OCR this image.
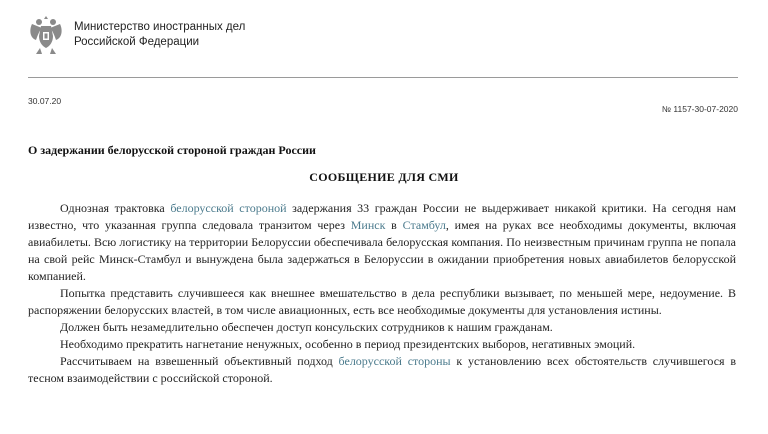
Министерство иностранных дел
Российской Федерации
30.07.20
№ 1157-30-07-2020
О задержании белорусской стороной граждан России
СООБЩЕНИЕ ДЛЯ СМИ

Однозная трактовка белорусской стороной задержания 33 граждан России не выдерживает никакой критики. На сегодня нам известно, что указанная группа следовала транзитом через Минск в Стамбул, имея на руках все необходимы документы, включая авиабилеты. Всю логистику на территории Белоруссии обеспечивала белорусская компания. По неизвестным причинам группа не попала на свой рейс Минск-Стамбул и вынуждена была задержаться в Белоруссии в ожидании приобретения новых авиабилетов белорусской компанией.

Попытка представить случившееся как внешнее вмешательство в дела республики вызывает, по меньшей мере, недоумение. В распоряжении белорусских властей, в том числе авиационных, есть все необходимые документы для установления истины.

Должен быть незамедлительно обеспечен доступ консульских сотрудников к нашим гражданам.

Необходимо прекратить нагнетание ненужных, особенно в период президентских выборов, негативных эмоций.

Рассчитываем на взвешенный объективный подход белорусской стороны к установлению всех обстоятельств случившегося в тесном взаимодействии с российской стороной.
